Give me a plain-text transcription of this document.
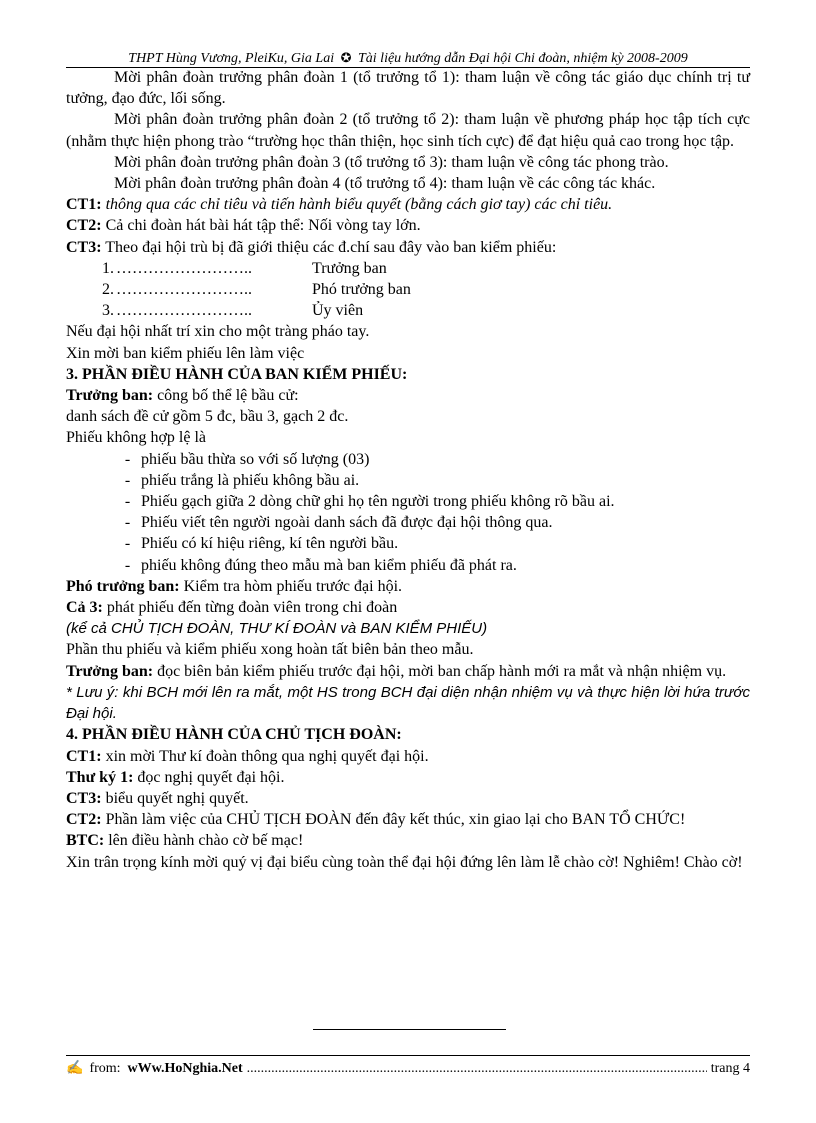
THPT Hùng Vương, PleiKu, Gia Lai ✪ Tài liệu hướng dẫn Đại hội Chi đoàn, nhiệm kỳ 2008-2009

Mời phân đoàn trưởng phân đoàn 1 (tổ trưởng tổ 1): tham luận về công tác giáo dục chính trị tư tưởng, đạo đức, lối sống.

Mời phân đoàn trưởng phân đoàn 2 (tổ trưởng tổ 2): tham luận về phương pháp học tập tích cực (nhằm thực hiện phong trào “trường học thân thiện, học sinh tích cực) để đạt hiệu quả cao trong học tập.

Mời phân đoàn trưởng phân đoàn 3 (tổ trưởng tổ 3): tham luận về công tác phong trào.

Mời phân đoàn trưởng phân đoàn 4 (tổ trưởng tổ 4): tham luận về các công tác khác.

CT1: thông qua các chỉ tiêu và tiến hành biểu quyết (bằng cách giơ tay) các chỉ tiêu.

CT2: Cả chi đoàn hát bài hát tập thể: Nối vòng tay lớn.

CT3: Theo đại hội trù bị đã giới thiệu các đ.chí sau đây vào ban kiểm phiếu:

1. ……………………..	Trưởng ban
2. ……………………..	Phó trưởng ban
3. ……………………..	Ủy viên

Nếu đại hội nhất trí xin cho một tràng pháo tay.

Xin mời ban kiểm phiếu lên làm việc

3. PHẦN ĐIỀU HÀNH CỦA BAN KIỂM PHIẾU:

Trưởng ban: công bố thể lệ bầu cử:

danh sách đề cử gồm 5 đc, bầu 3, gạch 2 đc.

Phiếu không hợp lệ là

- phiếu bầu thừa so với số lượng (03)
- phiếu trắng là phiếu không bầu ai.
- Phiếu gạch giữa 2 dòng chữ ghi họ tên người trong phiếu không rõ bầu ai.
- Phiếu viết tên người ngoài danh sách đã được đại hội thông qua.
- Phiếu có kí hiệu riêng, kí tên người bầu.
- phiếu không đúng theo mẫu mà ban kiểm phiếu đã phát ra.

Phó trưởng ban: Kiểm tra hòm phiếu trước đại hội.

Cả 3: phát phiếu đến từng đoàn viên trong chi đoàn

(kể cả CHỦ TỊCH ĐOÀN, THƯ KÍ ĐOÀN và BAN KIỂM PHIẾU)

Phần thu phiếu và kiểm phiếu xong hoàn tất biên bản theo mẫu.

Trưởng ban: đọc biên bản kiểm phiếu trước đại hội, mời ban chấp hành mới ra mắt và nhận nhiệm vụ.

* Lưu ý: khi BCH mới lên ra mắt, một HS trong BCH đại diện nhận nhiệm vụ và thực hiện lời hứa trước Đại hội.

4. PHẦN ĐIỀU HÀNH CỦA CHỦ TỊCH ĐOÀN:

CT1: xin mời Thư kí đoàn thông qua nghị quyết đại hội.

Thư ký 1: đọc nghị quyết đại hội.

CT3: biểu quyết nghị quyết.

CT2: Phần làm việc của CHỦ TỊCH ĐOÀN đến đây kết thúc, xin giao lại cho BAN TỔ CHỨC!

BTC: lên điều hành chào cờ bế mạc!

Xin trân trọng kính mời quý vị đại biểu cùng toàn thể đại hội đứng lên làm lễ chào cờ! Nghiêm! Chào cờ!

✍ from:
wWw.HoNghia.Net
.....	trang 4
